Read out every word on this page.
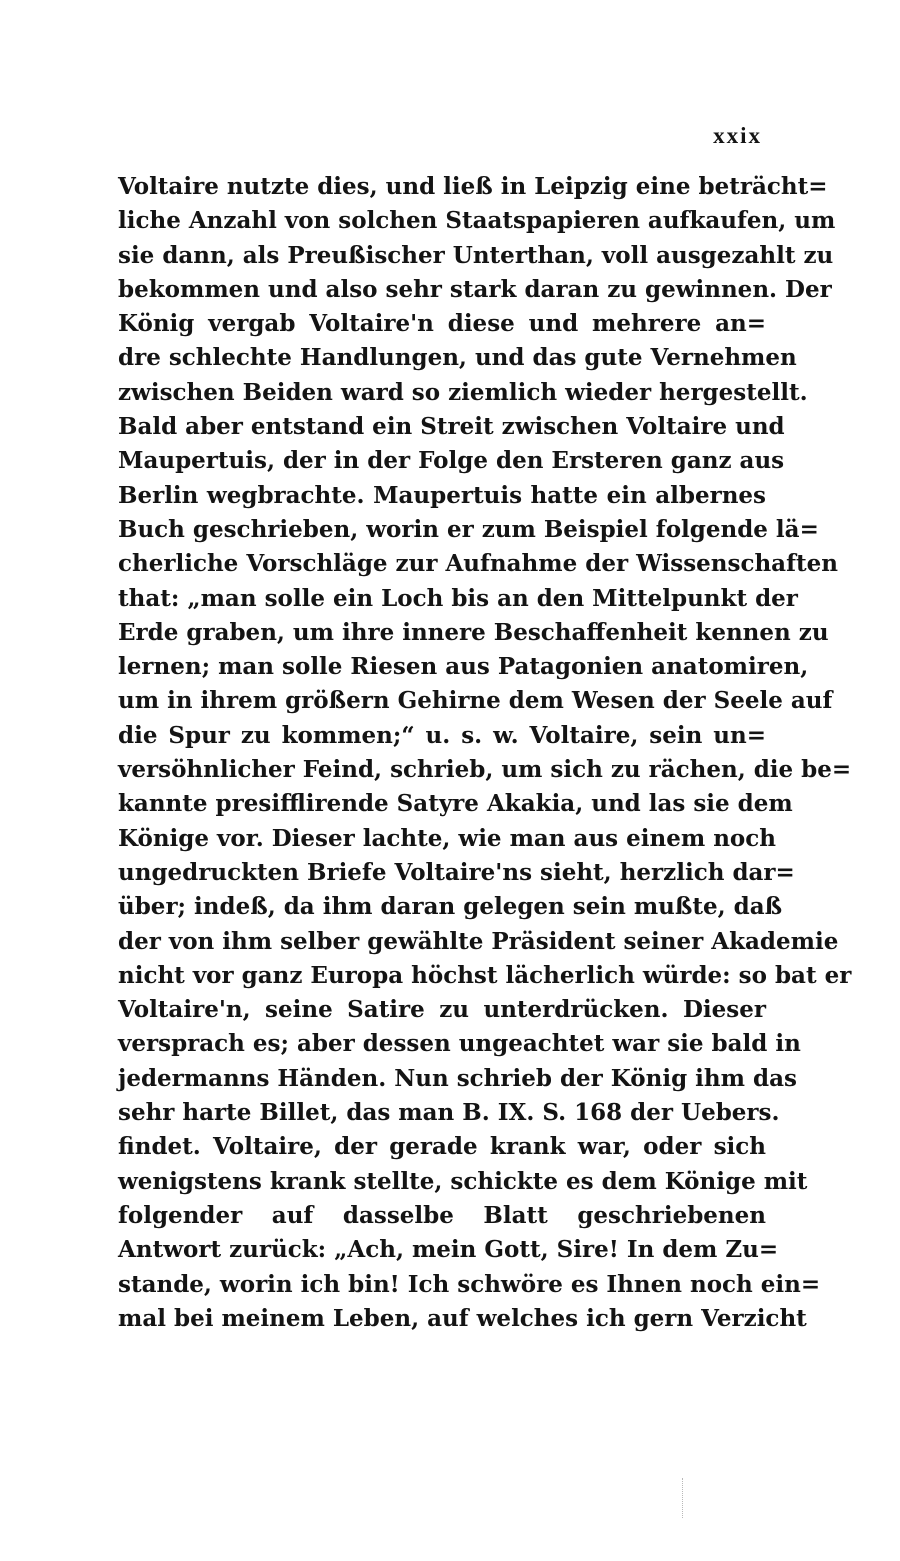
xxix
Voltaire nutzte dies, und ließ in Leipzig eine beträcht=
liche Anzahl von solchen Staatspapieren aufkaufen, um
sie dann, als Preußischer Unterthan, voll ausgezahlt zu
bekommen und also sehr stark daran zu gewinnen. Der
König vergab Voltaire'n diese und mehrere an=
dre schlechte Handlungen, und das gute Vernehmen
zwischen Beiden ward so ziemlich wieder hergestellt.
Bald aber entstand ein Streit zwischen Voltaire und
Maupertuis, der in der Folge den Ersteren ganz aus
Berlin wegbrachte. Maupertuis hatte ein albernes
Buch geschrieben, worin er zum Beispiel folgende lä=
cherliche Vorschläge zur Aufnahme der Wissenschaften
that: „man solle ein Loch bis an den Mittelpunkt der
Erde graben, um ihre innere Beschaffenheit kennen zu
lernen; man solle Riesen aus Patagonien anatomiren,
um in ihrem größern Gehirne dem Wesen der Seele auf
die Spur zu kommen;“ u. s. w. Voltaire, sein un=
versöhnlicher Feind, schrieb, um sich zu rächen, die be=
kannte presifflirende Satyre Akakia, und las sie dem
Könige vor. Dieser lachte, wie man aus einem noch
ungedruckten Briefe Voltaire'ns sieht, herzlich dar=
über; indeß, da ihm daran gelegen sein mußte, daß
der von ihm selber gewählte Präsident seiner Akademie
nicht vor ganz Europa höchst lächerlich würde: so bat er
Voltaire'n, seine Satire zu unterdrücken. Dieser
versprach es; aber dessen ungeachtet war sie bald in
jedermanns Händen. Nun schrieb der König ihm das
sehr harte Billet, das man B. IX. S. 168 der Uebers.
findet. Voltaire, der gerade krank war, oder sich
wenigstens krank stellte, schickte es dem Könige mit
folgender auf dasselbe Blatt geschriebenen
Antwort zurück: „Ach, mein Gott, Sire! In dem Zu=
stande, worin ich bin! Ich schwöre es Ihnen noch ein=
mal bei meinem Leben, auf welches ich gern Verzicht
